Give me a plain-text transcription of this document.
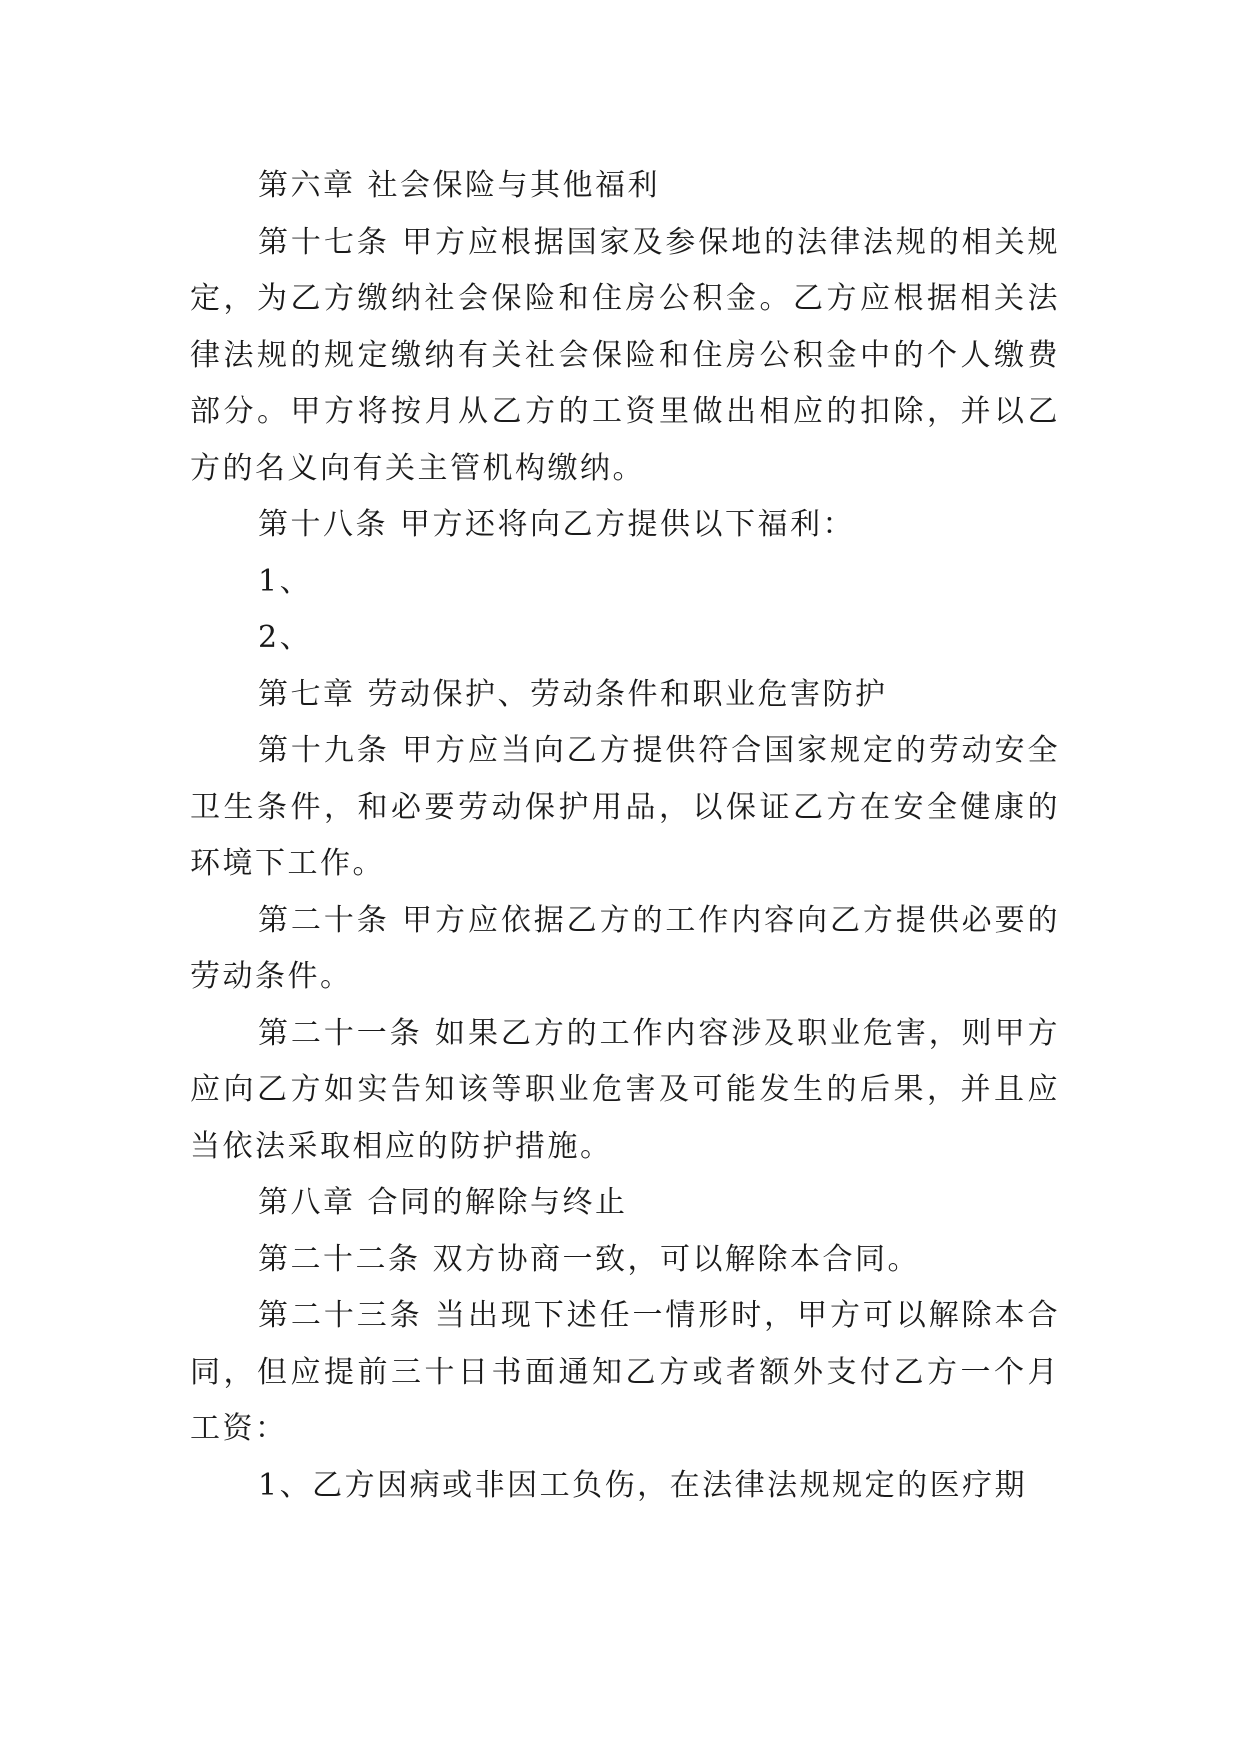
第六章 社会保险与其他福利

第十七条 甲方应根据国家及参保地的法律法规的相关规定，为乙方缴纳社会保险和住房公积金。乙方应根据相关法律法规的规定缴纳有关社会保险和住房公积金中的个人缴费部分。甲方将按月从乙方的工资里做出相应的扣除，并以乙方的名义向有关主管机构缴纳。

第十八条 甲方还将向乙方提供以下福利：

1、

2、

第七章 劳动保护、劳动条件和职业危害防护

第十九条 甲方应当向乙方提供符合国家规定的劳动安全卫生条件，和必要劳动保护用品，以保证乙方在安全健康的环境下工作。

第二十条 甲方应依据乙方的工作内容向乙方提供必要的劳动条件。

第二十一条 如果乙方的工作内容涉及职业危害，则甲方应向乙方如实告知该等职业危害及可能发生的后果，并且应当依法采取相应的防护措施。

第八章 合同的解除与终止

第二十二条 双方协商一致，可以解除本合同。

第二十三条 当出现下述任一情形时，甲方可以解除本合同，但应提前三十日书面通知乙方或者额外支付乙方一个月工资：

1、乙方因病或非因工负伤，在法律法规规定的医疗期
